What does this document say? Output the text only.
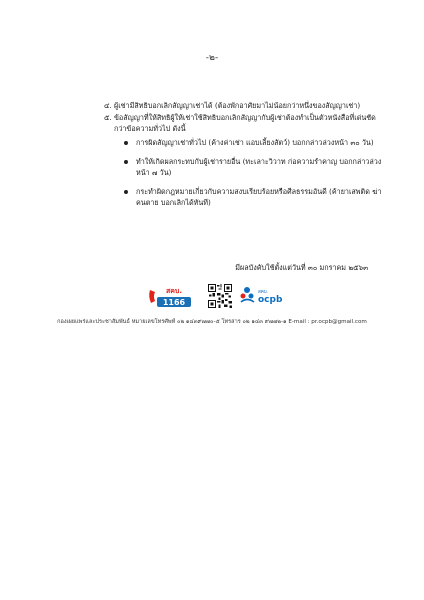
-๒-
๔. ผู้เช่ามีสิทธิบอกเลิกสัญญาเช่าได้ (ต้องพักอาศัยมาไม่น้อยกว่าหนึ่งของสัญญาเช่า)
๕. ข้อสัญญาที่ให้สิทธิผู้ให้เช่าใช้สิทธิบอกเลิกสัญญากับผู้เช่าต้องทำเป็นตัวหนังสือที่เด่นชัด กว่าข้อความทั่วไป ดังนี้
การผิดสัญญาเช่าทั่วไป (ค้างค่าเช่า แอบเลี้ยงสัตว์) บอกกล่าวล่วงหน้า ๓๐ วัน)
ทำให้เกิดผลกระทบกับผู้เช่ารายอื่น (ทะเลาะวิวาท ก่อความรำคาญ บอกกล่าวล่วงหน้า ๗ วัน)
กระทำผิดกฎหมายเกี่ยวกับความสงบเรียบร้อยหรือศีลธรรมอันดี (ค้ายาเสพติด ฆ่าคนตาย บอกเลิกได้ทันที)
มีผลบังคับใช้ตั้งแต่วันที่ ๓๐ มกราคม ๒๕๖๓
สคบ.
1166
สคบ.
ocpb
กองเผยแพร่และประชาสัมพันธ์ หมายเลขโทรศัพท์ ๐๒ ๑๔๓๙๗๗๐-๕ โทรสาร ๐๒ ๑๔๓ ๙๗๗๒-๑ E-mail : pr.ocpb@gmail.com
